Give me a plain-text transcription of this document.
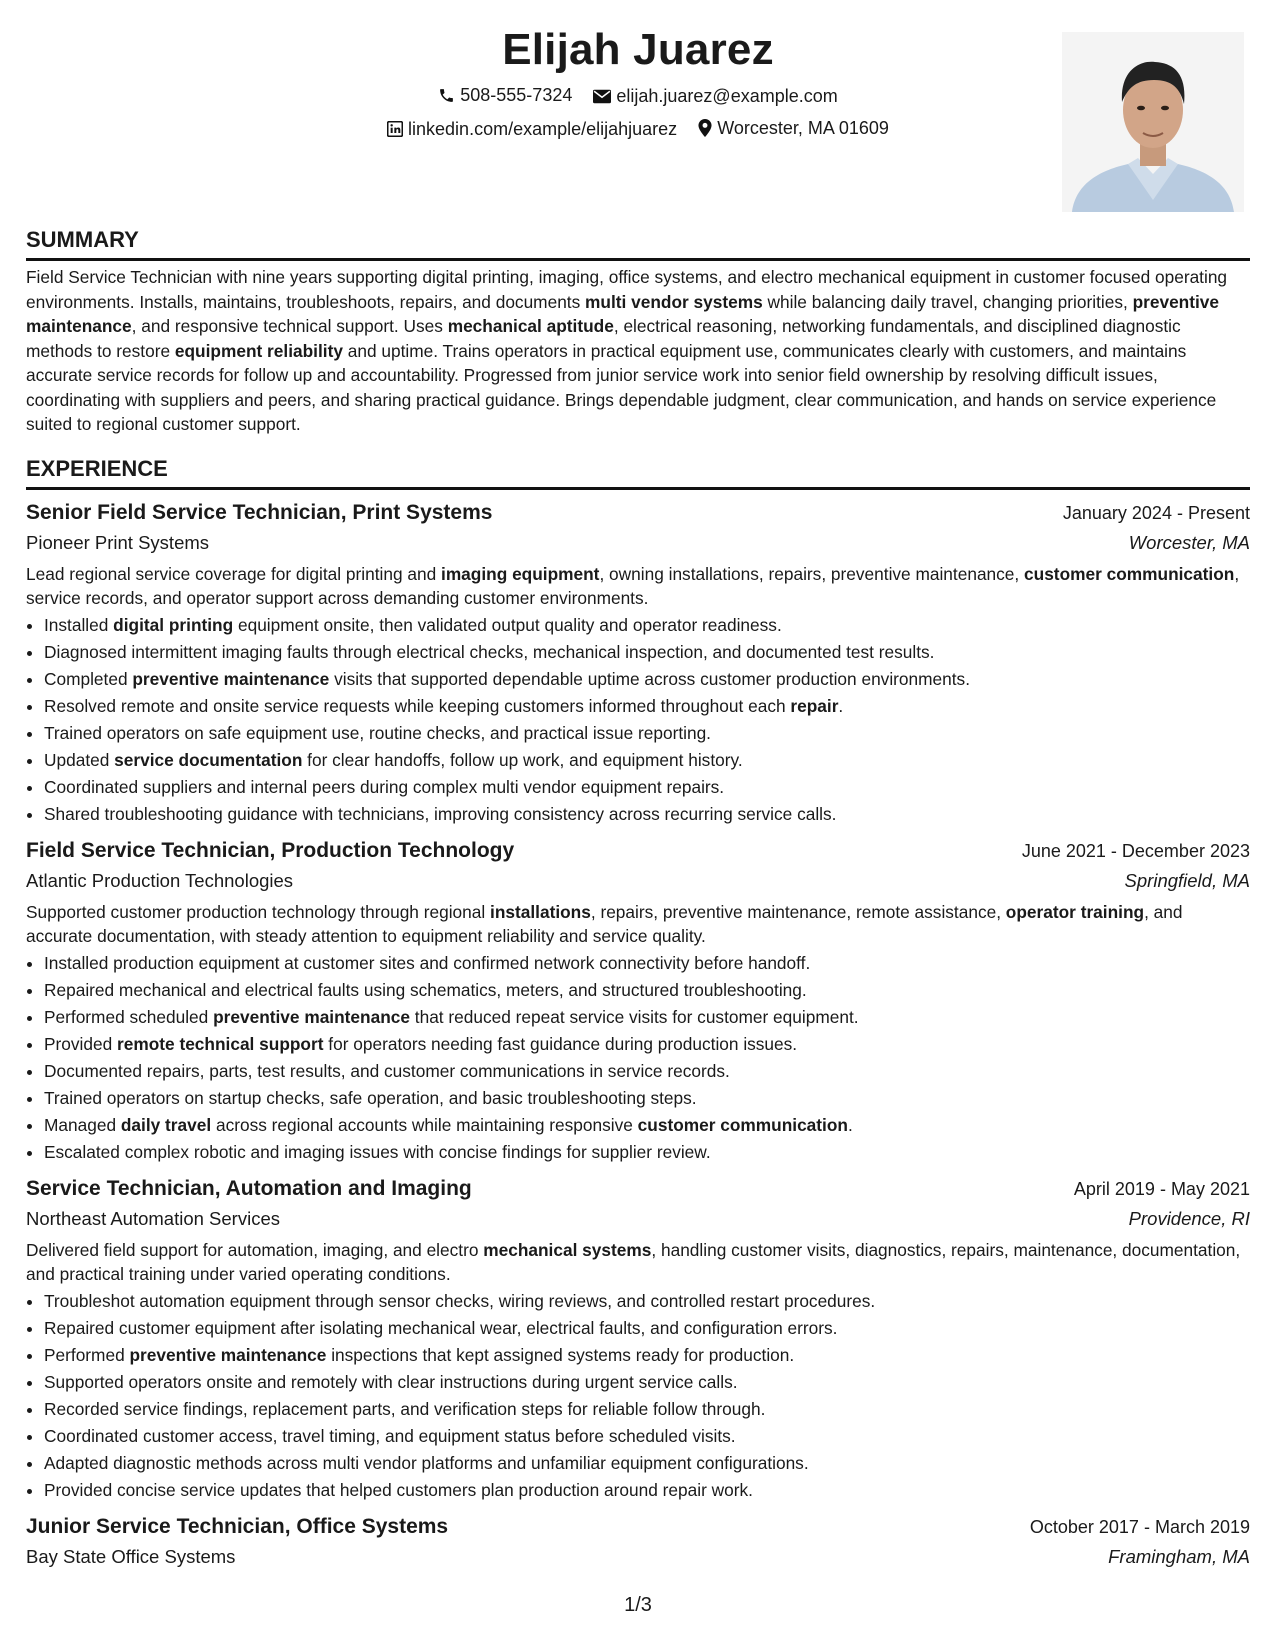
Elijah Juarez
508-555-7324
elijah.juarez@example.com
linkedin.com/example/elijahjuarez
Worcester, MA 01609
SUMMARY

Field Service Technician with nine years supporting digital printing, imaging, office systems, and electro mechanical equipment in customer focused operating environments. Installs, maintains, troubleshoots, repairs, and documents multi vendor systems while balancing daily travel, changing priorities, preventive maintenance, and responsive technical support. Uses mechanical aptitude, electrical reasoning, networking fundamentals, and disciplined diagnostic methods to restore equipment reliability and uptime. Trains operators in practical equipment use, communicates clearly with customers, and maintains accurate service records for follow up and accountability. Progressed from junior service work into senior field ownership by resolving difficult issues, coordinating with suppliers and peers, and sharing practical guidance. Brings dependable judgment, clear communication, and hands on service experience suited to regional customer support.

EXPERIENCE
Senior Field Service Technician, Print Systems	January 2024 - Present
Pioneer Print Systems	Worcester, MA

Lead regional service coverage for digital printing and imaging equipment, owning installations, repairs, preventive maintenance, customer communication, service records, and operator support across demanding customer environments.

• Installed digital printing equipment onsite, then validated output quality and operator readiness.
• Diagnosed intermittent imaging faults through electrical checks, mechanical inspection, and documented test results.
• Completed preventive maintenance visits that supported dependable uptime across customer production environments.
• Resolved remote and onsite service requests while keeping customers informed throughout each repair.
• Trained operators on safe equipment use, routine checks, and practical issue reporting.
• Updated service documentation for clear handoffs, follow up work, and equipment history.
• Coordinated suppliers and internal peers during complex multi vendor equipment repairs.
• Shared troubleshooting guidance with technicians, improving consistency across recurring service calls.
Field Service Technician, Production Technology	June 2021 - December 2023
Atlantic Production Technologies	Springfield, MA

Supported customer production technology through regional installations, repairs, preventive maintenance, remote assistance, operator training, and accurate documentation, with steady attention to equipment reliability and service quality.

• Installed production equipment at customer sites and confirmed network connectivity before handoff.
• Repaired mechanical and electrical faults using schematics, meters, and structured troubleshooting.
• Performed scheduled preventive maintenance that reduced repeat service visits for customer equipment.
• Provided remote technical support for operators needing fast guidance during production issues.
• Documented repairs, parts, test results, and customer communications in service records.
• Trained operators on startup checks, safe operation, and basic troubleshooting steps.
• Managed daily travel across regional accounts while maintaining responsive customer communication.
• Escalated complex robotic and imaging issues with concise findings for supplier review.
Service Technician, Automation and Imaging	April 2019 - May 2021
Northeast Automation Services	Providence, RI

Delivered field support for automation, imaging, and electro mechanical systems, handling customer visits, diagnostics, repairs, maintenance, documentation, and practical training under varied operating conditions.

• Troubleshot automation equipment through sensor checks, wiring reviews, and controlled restart procedures.
• Repaired customer equipment after isolating mechanical wear, electrical faults, and configuration errors.
• Performed preventive maintenance inspections that kept assigned systems ready for production.
• Supported operators onsite and remotely with clear instructions during urgent service calls.
• Recorded service findings, replacement parts, and verification steps for reliable follow through.
• Coordinated customer access, travel timing, and equipment status before scheduled visits.
• Adapted diagnostic methods across multi vendor platforms and unfamiliar equipment configurations.
• Provided concise service updates that helped customers plan production around repair work.
Junior Service Technician, Office Systems	October 2017 - March 2019
Bay State Office Systems	Framingham, MA
1/3
